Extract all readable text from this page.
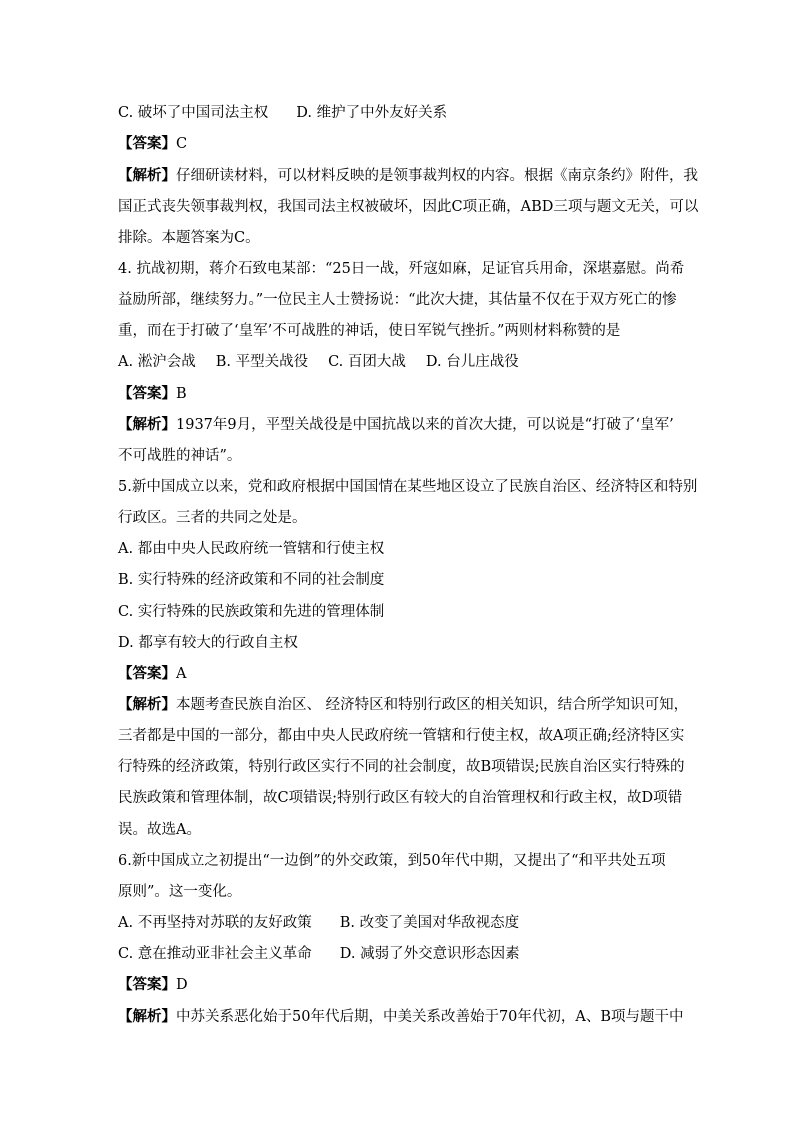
C. 破坏了中国司法主权 D. 维护了中外友好关系
【答案】C
【解析】仔细研读材料，可以材料反映的是领事裁判权的内容。根据《南京条约》附件，我
国正式丧失领事裁判权，我国司法主权被破坏，因此C项正确，ABD三项与题文无关，可以
排除。本题答案为C。
4. 抗战初期，蒋介石致电某部：“25日一战，歼寇如麻，足证官兵用命，深堪嘉慰。尚希
益励所部，继续努力。”一位民主人士赞扬说：“此次大捷，其估量不仅在于双方死亡的惨
重，而在于打破了‘皇军’不可战胜的神话，使日军锐气挫折。”两则材料称赞的是
A. 淞沪会战 B. 平型关战役 C. 百团大战 D. 台儿庄战役
【答案】B
【解析】1937年9月，平型关战役是中国抗战以来的首次大捷，可以说是“打破了‘皇军’
不可战胜的神话”。
5.新中国成立以来，党和政府根据中国国情在某些地区设立了民族自治区、经济特区和特别
行政区。三者的共同之处是。
A. 都由中央人民政府统一管辖和行使主权
B. 实行特殊的经济政策和不同的社会制度
C. 实行特殊的民族政策和先进的管理体制
D. 都享有较大的行政自主权
【答案】A
【解析】本题考查民族自治区、 经济特区和特别行政区的相关知识，结合所学知识可知，
三者都是中国的一部分，都由中央人民政府统一管辖和行使主权，故A项正确;经济特区实
行特殊的经济政策，特别行政区实行不同的社会制度，故B项错误;民族自治区实行特殊的
民族政策和管理体制，故C项错误;特别行政区有较大的自治管理权和行政主权，故D项错
误。故选A。
6.新中国成立之初提出“一边倒”的外交政策，到50年代中期，又提出了“和平共处五项
原则”。这一变化。
A. 不再坚持对苏联的友好政策 B. 改变了美国对华敌视态度
C. 意在推动亚非社会主义革命 D. 减弱了外交意识形态因素
【答案】D
【解析】中苏关系恶化始于50年代后期，中美关系改善始于70年代初，A、B项与题干中
